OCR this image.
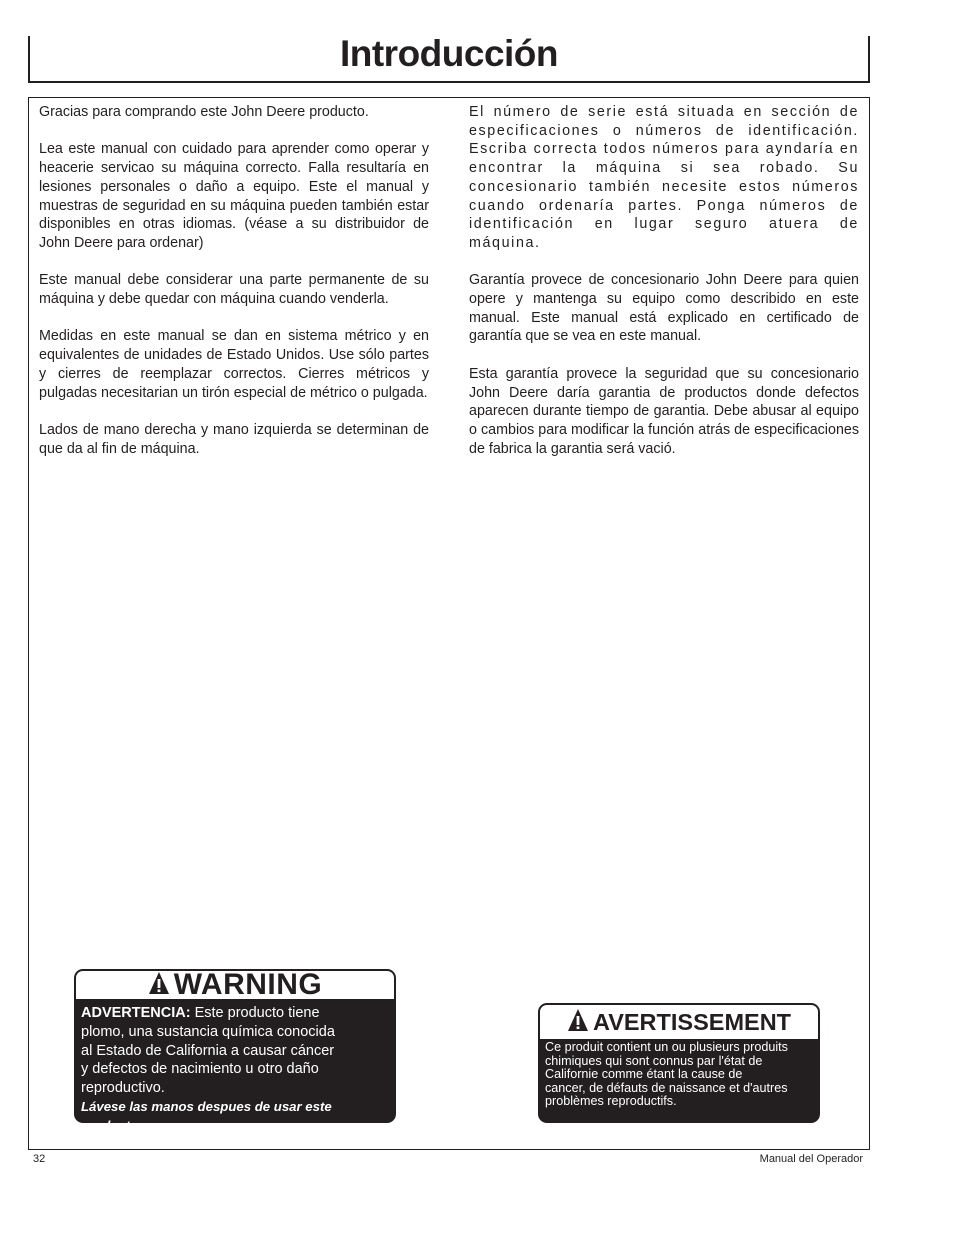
Introducción

Gracias para comprando este John Deere producto.

Lea este manual con cuidado para aprender como operar y heacerie servicao su máquina correcto. Falla resultaría en lesiones personales o daño a equipo. Este el manual y muestras de seguridad en su máquina pueden también estar disponibles en otras idiomas. (véase a su distribuidor de John Deere para ordenar)

Este manual debe considerar una parte permanente de su máquina y debe quedar con máquina cuando venderla.

Medidas en este manual se dan en sistema métrico y en equivalentes de unidades de Estado Unidos. Use sólo partes y cierres de reemplazar correctos. Cierres métricos y pulgadas necesitarian un tirón especial de métrico o pulgada.

Lados de mano derecha y mano izquierda se determinan de que da al fin de máquina.

El número de serie está situada en sección de especificaciones o números de identificación. Escriba correcta todos números para ayndaría en encontrar la máquina si sea robado. Su concesionario también necesite estos números cuando ordenaría partes. Ponga números de identificación en lugar seguro atuera de máquina.

Garantía provece de concesionario John Deere para quien opere y mantenga su equipo como describido en este manual. Este manual está explicado en certificado de garantía que se vea en este manual.

Esta garantía provece la seguridad que su concesionario John Deere daría garantia de productos donde defectos aparecen durante tiempo de garantia. Debe abusar al equipo o cambios para modificar la función atrás de especificaciones de fabrica la garantia será vació.

WARNING
ADVERTENCIA: Este producto tiene
plomo, una sustancia química conocida
al Estado de California a causar cáncer
y defectos de nacimiento u otro daño
reproductivo.
Lávese las manos despues de usar este producto.
AVERTISSEMENT
Ce produit contient un ou plusieurs produits
chimiques qui sont connus par l'état de
Californie comme étant la cause de
cancer, de défauts de naissance et d'autres
problèmes reproductifs.
32	Manual del Operador
